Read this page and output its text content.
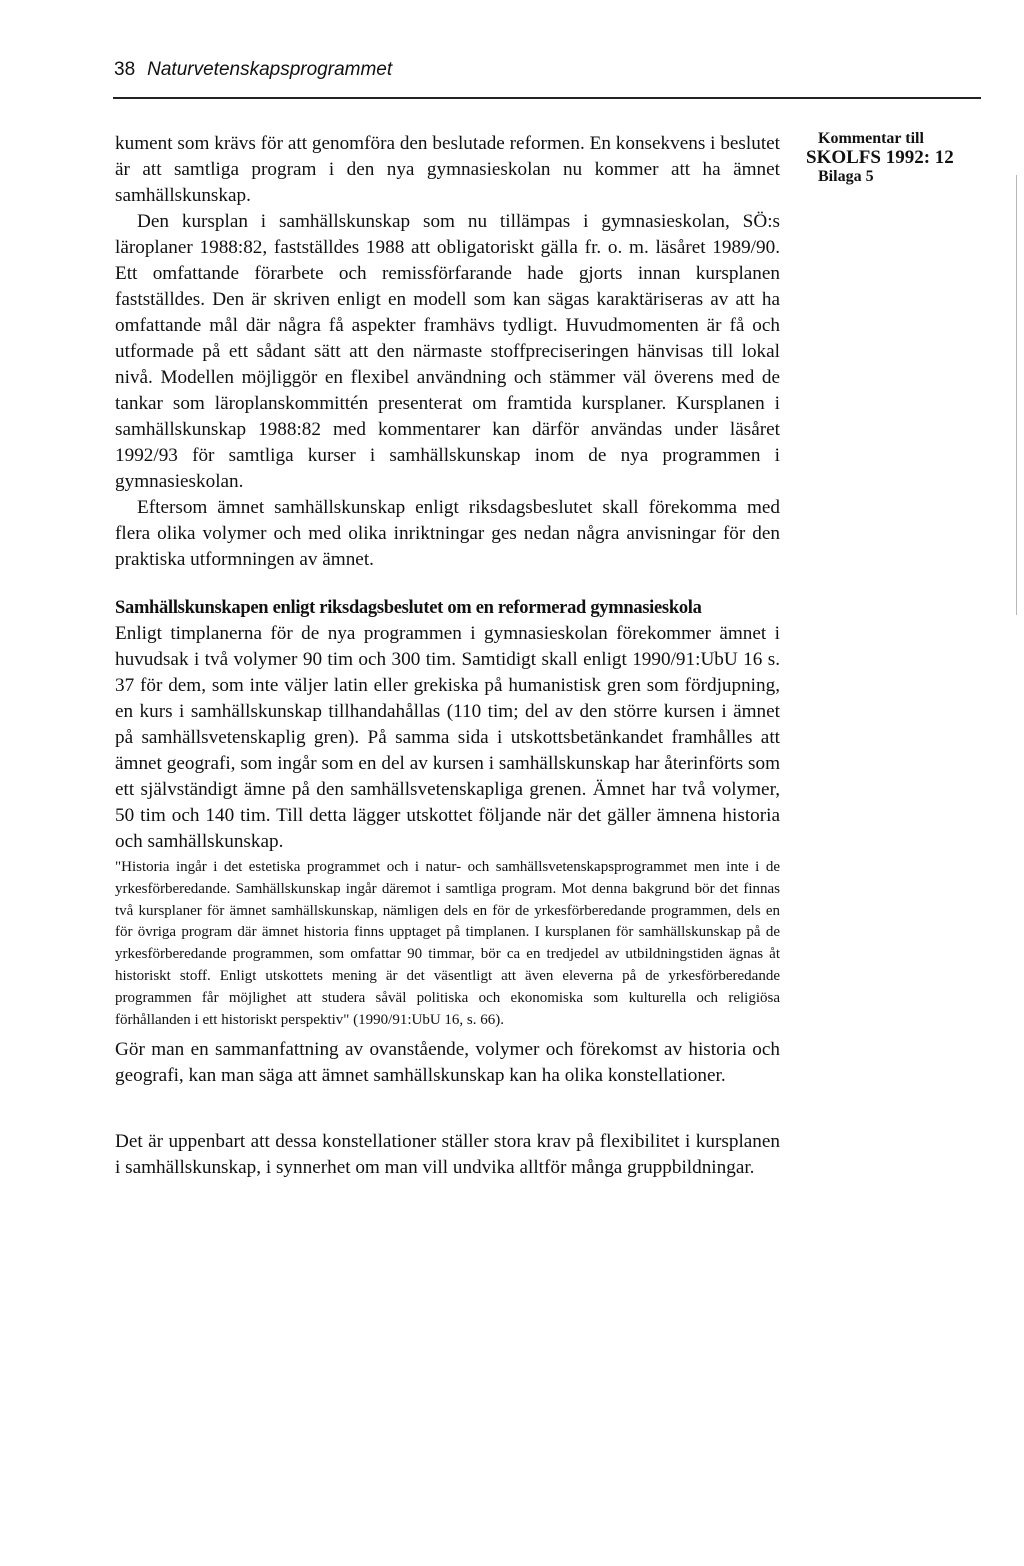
38 Naturvetenskapsprogrammet
Kommentar till
SKOLFS 1992: 12
Bilaga 5

kument som krävs för att genomföra den beslutade reformen. En konsekvens i beslutet är att samtliga program i den nya gymnasieskolan nu kommer att ha ämnet samhällskunskap.

Den kursplan i samhällskunskap som nu tillämpas i gymnasieskolan, SÖ:s läroplaner 1988:82, fastställdes 1988 att obligatoriskt gälla fr. o. m. läsåret 1989/90. Ett omfattande förarbete och remissförfarande hade gjorts innan kursplanen fastställdes. Den är skriven enligt en modell som kan sägas karaktäriseras av att ha omfattande mål där några få aspekter framhävs tydligt. Huvudmomenten är få och utformade på ett sådant sätt att den närmaste stoffpreciseringen hänvisas till lokal nivå. Modellen möjliggör en flexibel användning och stämmer väl överens med de tankar som läroplanskommittén presenterat om framtida kursplaner. Kursplanen i samhällskunskap 1988:82 med kommentarer kan därför användas under läsåret 1992/93 för samtliga kurser i samhällskunskap inom de nya programmen i gymnasieskolan.

Eftersom ämnet samhällskunskap enligt riksdagsbeslutet skall förekomma med flera olika volymer och med olika inriktningar ges nedan några anvisningar för den praktiska utformningen av ämnet.

Samhällskunskapen enligt riksdagsbeslutet om en reformerad gymnasieskola

Enligt timplanerna för de nya programmen i gymnasieskolan förekommer ämnet i huvudsak i två volymer 90 tim och 300 tim. Samtidigt skall enligt 1990/91:UbU 16 s. 37 för dem, som inte väljer latin eller grekiska på humanistisk gren som fördjupning, en kurs i samhällskunskap tillhandahållas (110 tim; del av den större kursen i ämnet på samhällsvetenskaplig gren). På samma sida i utskottsbetänkandet framhålles att ämnet geografi, som ingår som en del av kursen i samhällskunskap har återinförts som ett självständigt ämne på den samhällsvetenskapliga grenen. Ämnet har två volymer, 50 tim och 140 tim. Till detta lägger utskottet följande när det gäller ämnena historia och samhällskunskap.

"Historia ingår i det estetiska programmet och i natur- och samhällsvetenskapsprogrammet men inte i de yrkesförberedande. Samhällskunskap ingår däremot i samtliga program. Mot denna bakgrund bör det finnas två kursplaner för ämnet samhällskunskap, nämligen dels en för de yrkesförberedande programmen, dels en för övriga program där ämnet historia finns upptaget på timplanen. I kursplanen för samhällskunskap på de yrkesförberedande programmen, som omfattar 90 timmar, bör ca en tredjedel av utbildningstiden ägnas åt historiskt stoff. Enligt utskottets mening är det väsentligt att även eleverna på de yrkesförberedande programmen får möjlighet att studera såväl politiska och ekonomiska som kulturella och religiösa förhållanden i ett historiskt perspektiv" (1990/91:UbU 16, s. 66).

Gör man en sammanfattning av ovanstående, volymer och förekomst av historia och geografi, kan man säga att ämnet samhällskunskap kan ha olika konstellationer.

Det är uppenbart att dessa konstellationer ställer stora krav på flexibilitet i kursplanen i samhällskunskap, i synnerhet om man vill undvika alltför många gruppbildningar.
